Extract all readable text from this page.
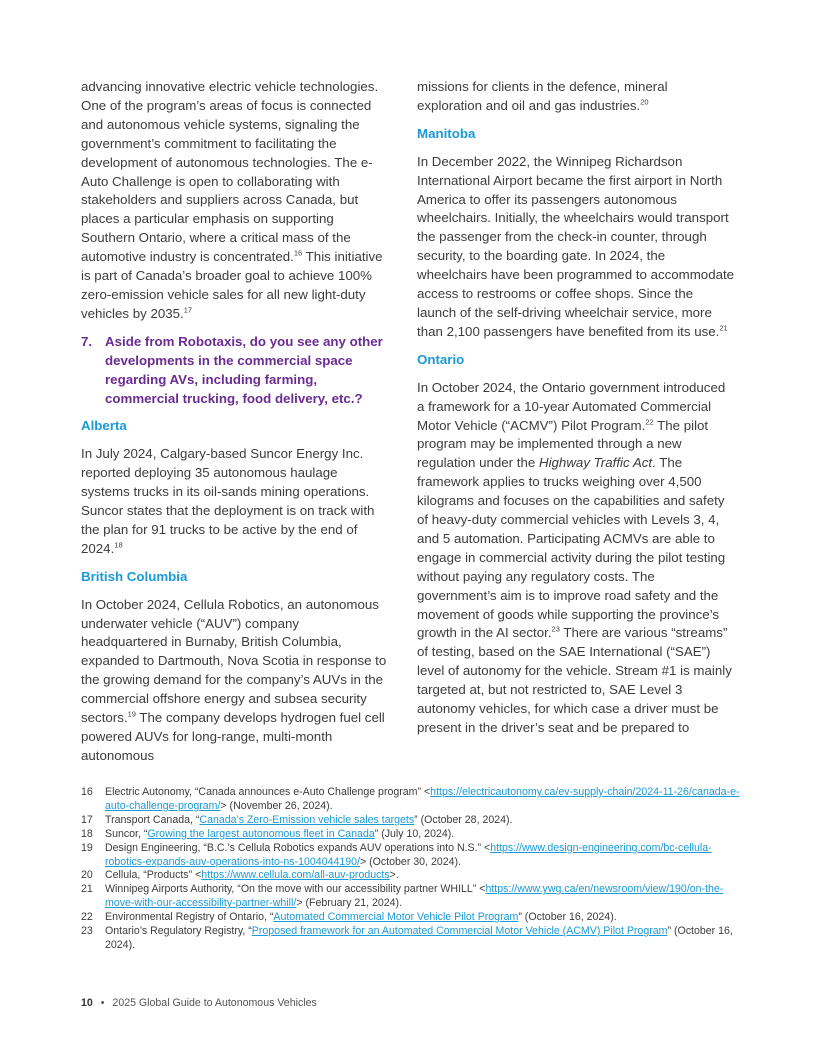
advancing innovative electric vehicle technologies. One of the program’s areas of focus is connected and autonomous vehicle systems, signaling the government’s commitment to facilitating the development of autonomous technologies. The e-Auto Challenge is open to collaborating with stakeholders and suppliers across Canada, but places a particular emphasis on supporting Southern Ontario, where a critical mass of the automotive industry is concentrated.$^{16}$ This initiative is part of Canada’s broader goal to achieve 100% zero-emission vehicle sales for all new light-duty vehicles by 2035.17

7. Aside from Robotaxis, do you see any other developments in the commercial space regarding AVs, including farming, commercial trucking, food delivery, etc.?

Alberta

In July 2024, Calgary-based Suncor Energy Inc. reported deploying 35 autonomous haulage systems trucks in its oil-sands mining operations. Suncor states that the deployment is on track with the plan for 91 trucks to be active by the end of 2024.18

British Columbia

In October 2024, Cellula Robotics, an autonomous underwater vehicle (“AUV”) company headquartered in Burnaby, British Columbia, expanded to Dartmouth, Nova Scotia in response to the growing demand for the company’s AUVs in the commercial offshore energy and subsea security sectors.$^{19}$ The company develops hydrogen fuel cell powered AUVs for long-range, multi-month autonomous

missions for clients in the defence, mineral exploration and oil and gas industries.$^{20}$

Manitoba

In December 2022, the Winnipeg Richardson International Airport became the first airport in North America to offer its passengers autonomous wheelchairs. Initially, the wheelchairs would transport the passenger from the check-in counter, through security, to the boarding gate. In 2024, the wheelchairs have been programmed to accommodate access to restrooms or coffee shops. Since the launch of the self-driving wheelchair service, more than 2,100 passengers have benefited from its use.$^{21}$

Ontario

In October 2024, the Ontario government introduced a framework for a 10-year Automated Commercial Motor Vehicle (“ACMV”) Pilot Program.$^{22}$ The pilot program may be implemented through a new regulation under the Highway Traffic Act. The framework applies to trucks weighing over 4,500 kilograms and focuses on the capabilities and safety of heavy-duty commercial vehicles with Levels 3, 4, and 5 automation. Participating ACMVs are able to engage in commercial activity during the pilot testing without paying any regulatory costs. The government’s aim is to improve road safety and the movement of goods while supporting the province’s growth in the AI sector.$^{23}$ There are various “streams” of testing, based on the SAE International (“SAE”) level of autonomy for the vehicle. Stream #1 is mainly targeted at, but not restricted to, SAE Level 3 autonomy vehicles, for which case a driver must be present in the driver’s seat and be prepared to

16	Electric Autonomy, “Canada announces e-Auto Challenge program” <https://electricautonomy.ca/ev-supply-chain/2024-11-26/canada-e-auto-challenge-program/> (November 26, 2024).
17	Transport Canada, “Canada’s Zero-Emission vehicle sales targets” (October 28, 2024).
18	Suncor, “Growing the largest autonomous fleet in Canada” (July 10, 2024).
19	Design Engineering, “B.C.’s Cellula Robotics expands AUV operations into N.S.” <https://www.design-engineering.com/bc-cellula-robotics-expands-auv-operations-into-ns-1004044190/> (October 30, 2024).
20	Cellula, “Products” <https://www.cellula.com/all-auv-products>.
21	Winnipeg Airports Authority, “On the move with our accessibility partner WHILL” <https://www.ywg.ca/en/newsroom/view/190/on-the-move-with-our-accessibility-partner-whill/> (February 21, 2024).
22	Environmental Registry of Ontario, “Automated Commercial Motor Vehicle Pilot Program” (October 16, 2024).
23	Ontario’s Regulatory Registry, “Proposed framework for an Automated Commercial Motor Vehicle (ACMV) Pilot Program” (October 16, 2024).
10 • 2025 Global Guide to Autonomous Vehicles
